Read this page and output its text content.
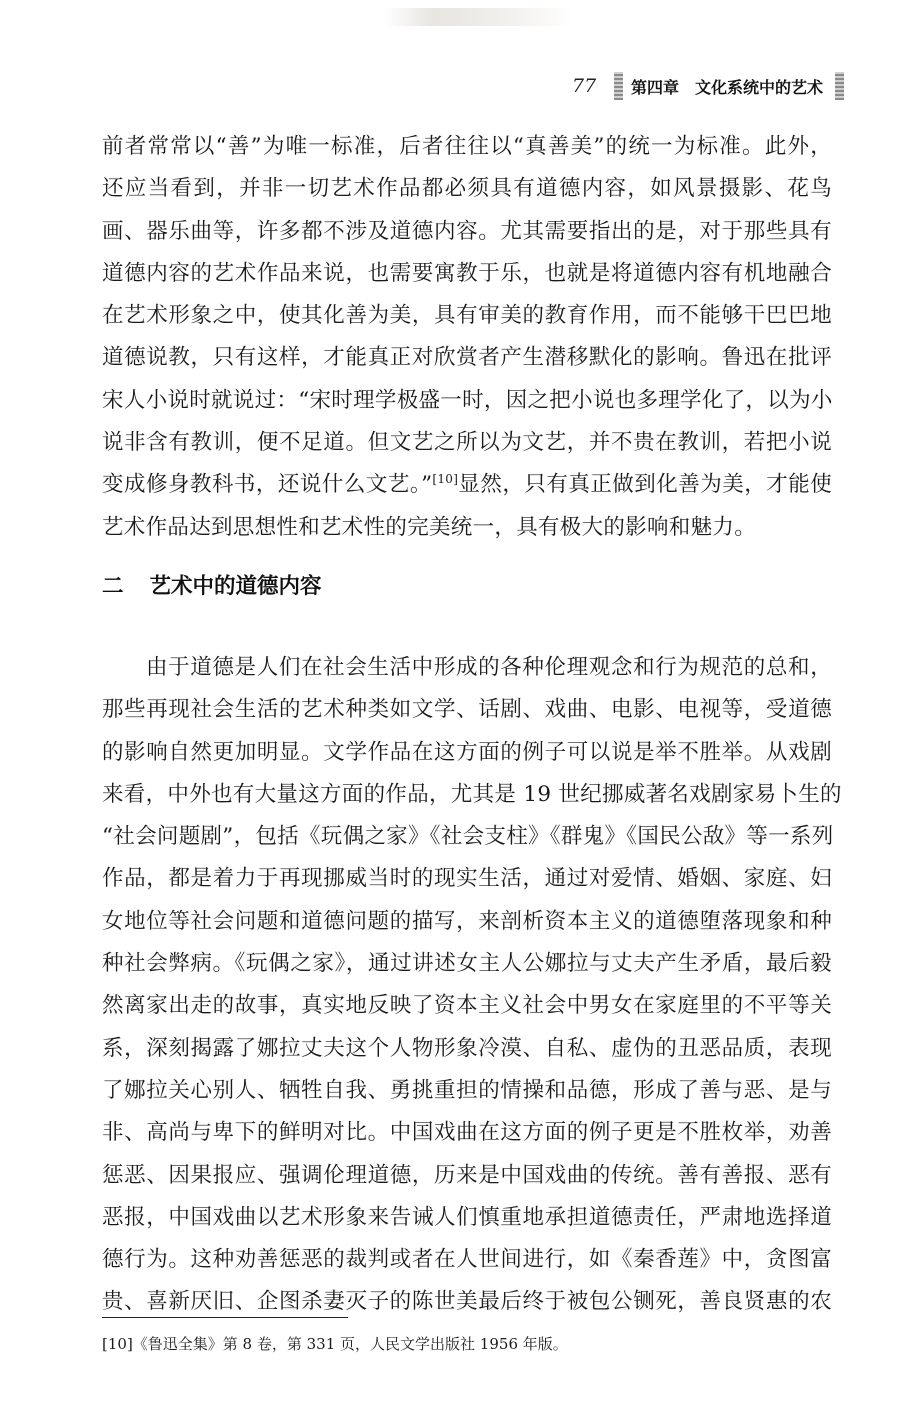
77	第四章　文化系统中的艺术
前者常常以“善”为唯一标准，后者往往以“真善美”的统一为标准。此外，
还应当看到，并非一切艺术作品都必须具有道德内容，如风景摄影、花鸟
画、器乐曲等，许多都不涉及道德内容。尤其需要指出的是，对于那些具有
道德内容的艺术作品来说，也需要寓教于乐，也就是将道德内容有机地融合
在艺术形象之中，使其化善为美，具有审美的教育作用，而不能够干巴巴地
道德说教，只有这样，才能真正对欣赏者产生潜移默化的影响。鲁迅在批评
宋人小说时就说过：“宋时理学极盛一时，因之把小说也多理学化了，以为小
说非含有教训，便不足道。但文艺之所以为文艺，并不贵在教训，若把小说
变成修身教科书，还说什么文艺。”[10]显然，只有真正做到化善为美，才能使
艺术作品达到思想性和艺术性的完美统一，具有极大的影响和魅力。
二 艺术中的道德内容
由于道德是人们在社会生活中形成的各种伦理观念和行为规范的总和，
那些再现社会生活的艺术种类如文学、话剧、戏曲、电影、电视等，受道德
的影响自然更加明显。文学作品在这方面的例子可以说是举不胜举。从戏剧
来看，中外也有大量这方面的作品，尤其是 19 世纪挪威著名戏剧家易卜生的
“社会问题剧”，包括《玩偶之家》《社会支柱》《群鬼》《国民公敌》等一系列
作品，都是着力于再现挪威当时的现实生活，通过对爱情、婚姻、家庭、妇
女地位等社会问题和道德问题的描写，来剖析资本主义的道德堕落现象和种
种社会弊病。《玩偶之家》，通过讲述女主人公娜拉与丈夫产生矛盾，最后毅
然离家出走的故事，真实地反映了资本主义社会中男女在家庭里的不平等关
系，深刻揭露了娜拉丈夫这个人物形象冷漠、自私、虚伪的丑恶品质，表现
了娜拉关心别人、牺牲自我、勇挑重担的情操和品德，形成了善与恶、是与
非、高尚与卑下的鲜明对比。中国戏曲在这方面的例子更是不胜枚举，劝善
惩恶、因果报应、强调伦理道德，历来是中国戏曲的传统。善有善报、恶有
恶报，中国戏曲以艺术形象来告诫人们慎重地承担道德责任，严肃地选择道
德行为。这种劝善惩恶的裁判或者在人世间进行，如《秦香莲》中，贪图富
贵、喜新厌旧、企图杀妻灭子的陈世美最后终于被包公铡死，善良贤惠的农
[10]《鲁迅全集》第 8 卷，第 331 页，人民文学出版社 1956 年版。
